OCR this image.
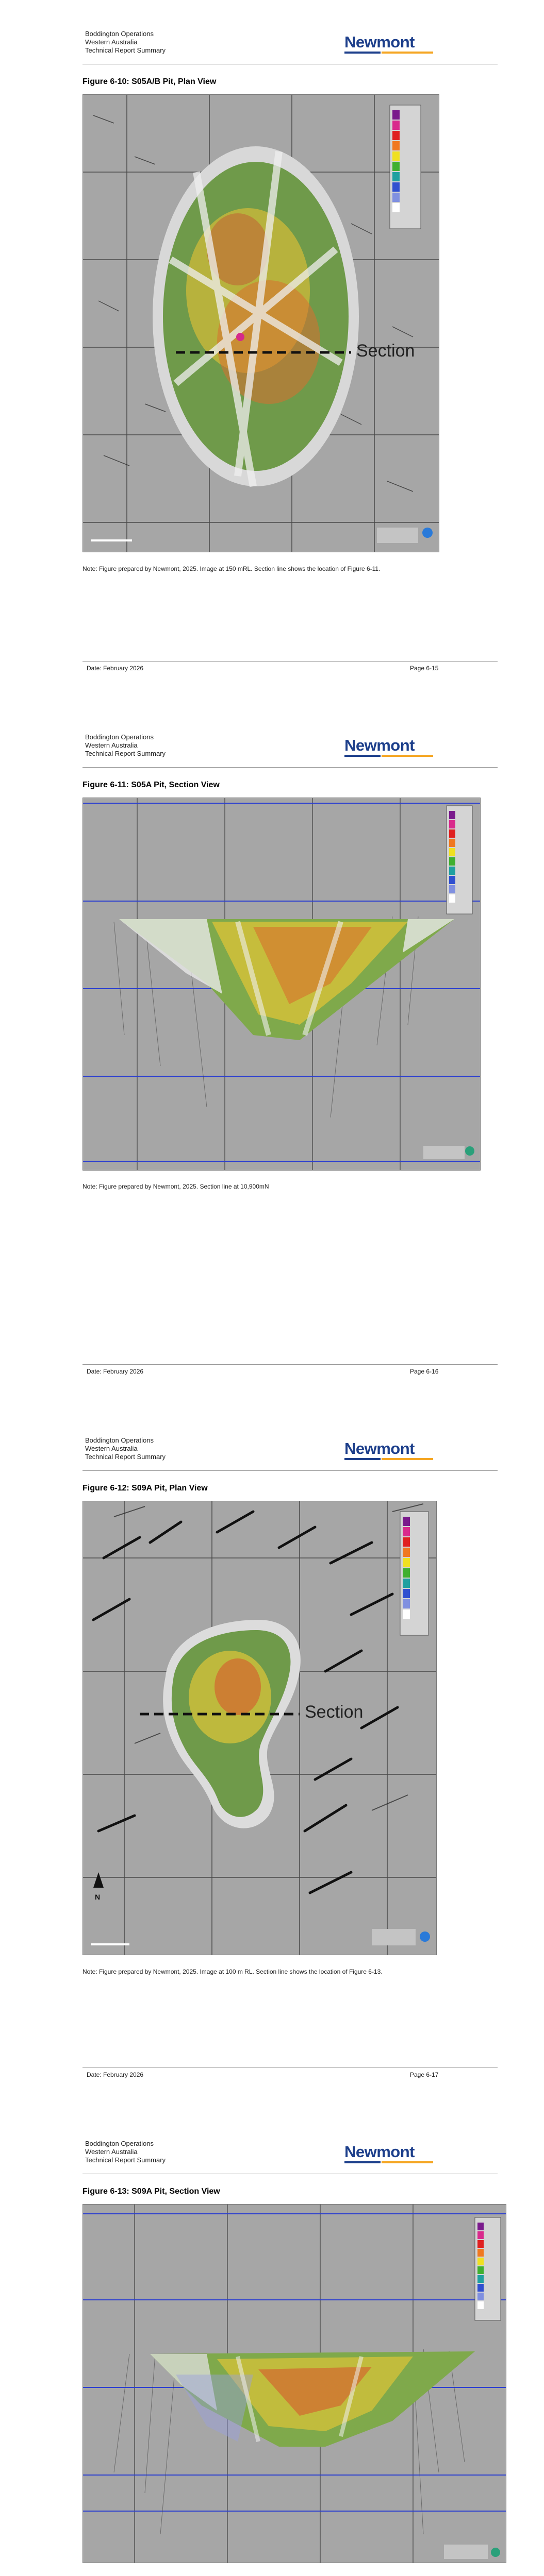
Boddington Operations
Western Australia
Technical Report Summary	Newmont
Figure 6-10: S05A/B Pit, Plan View
Section
Note: Figure prepared by Newmont, 2025. Image at 150 mRL. Section line shows the location of Figure 6-11.
Date: February 2026	Page 6-15
Boddington Operations
Western Australia
Technical Report Summary	Newmont
Figure 6-11: S05A Pit, Section View
Note: Figure prepared by Newmont, 2025. Section line at 10,900mN
Date: February 2026	Page 6-16
Boddington Operations
Western Australia
Technical Report Summary	Newmont
Figure 6-12: S09A Pit, Plan View
Section
N
Note: Figure prepared by Newmont, 2025. Image at 100 m RL. Section line shows the location of Figure 6-13.
Date: February 2026	Page 6-17
Boddington Operations
Western Australia
Technical Report Summary	Newmont
Figure 6-13: S09A Pit, Section View
